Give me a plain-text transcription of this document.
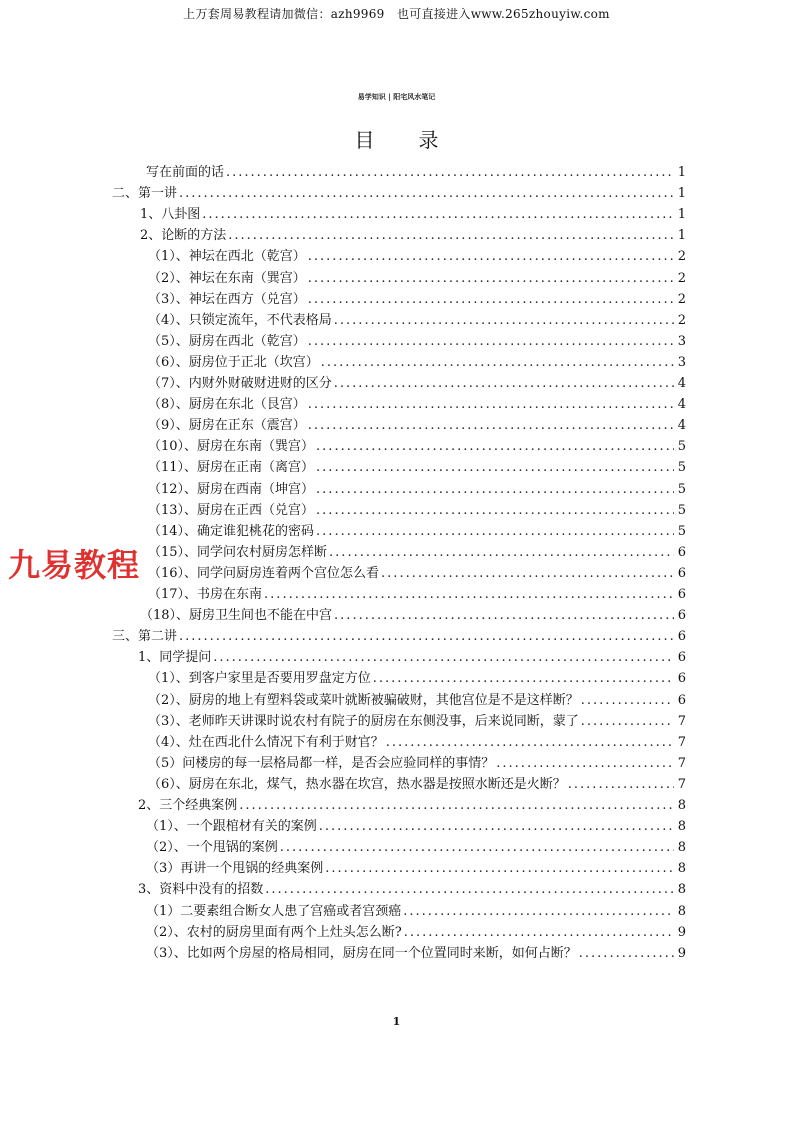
上万套周易教程请加微信：azh9969　也可直接进入www.265zhouyiw.com
易学知识 | 阳宅风水笔记
目录
写在前面的话 .....	1
二、第一讲 .....	1
1、八卦图 .....	1
2、论断的方法 .....	1
（1）、神坛在西北（乾宫） .....	2
（2）、神坛在东南（巽宫） .....	2
（3）、神坛在西方（兑宫） .....	2
（4）、只锁定流年，不代表格局 .....	2
（5）、厨房在西北（乾宫） .....	3
（6）、厨房位于正北（坎宫） .....	3
（7）、内财外财破财进财的区分 .....	4
（8）、厨房在东北（艮宫） .....	4
（9）、厨房在正东（震宫） .....	4
（10）、厨房在东南（巽宫） .....	5
（11）、厨房在正南（离宫） .....	5
（12）、厨房在西南（坤宫） .....	5
（13）、厨房在正西（兑宫） .....	5
（14）、确定谁犯桃花的密码 .....	5
（15）、同学问农村厨房怎样断 .....	6
（16）、同学问厨房连着两个宫位怎么看 .....	6
（17）、书房在东南 .....	6
（18）、厨房卫生间也不能在中宫 .....	6
三、第二讲 .....	6
1、同学提问 .....	6
（1）、到客户家里是否要用罗盘定方位 .....	6
（2）、厨房的地上有塑料袋或菜叶就断被骗破财，其他宫位是不是这样断？ .....	6
（3）、老师昨天讲课时说农村有院子的厨房在东侧没事，后来说同断，蒙了 .....	7
（4）、灶在西北什么情况下有利于财官？ .....	7
（5）问楼房的每一层格局都一样，是否会应验同样的事情？ .....	7
（6）、厨房在东北，煤气，热水器在坎宫，热水器是按照水断还是火断？ .....	7
2、三个经典案例 .....	8
（1）、一个跟棺材有关的案例 .....	8
（2）、一个甩锅的案例 .....	8
（3）再讲一个甩锅的经典案例 .....	8
3、资料中没有的招数 .....	8
（1）二要素组合断女人患了宫癌或者宫颈癌 .....	8
（2）、农村的厨房里面有两个上灶头怎么断? .....	9
（3）、比如两个房屋的格局相同，厨房在同一个位置同时来断，如何占断？ .....	9
九易教程
1
